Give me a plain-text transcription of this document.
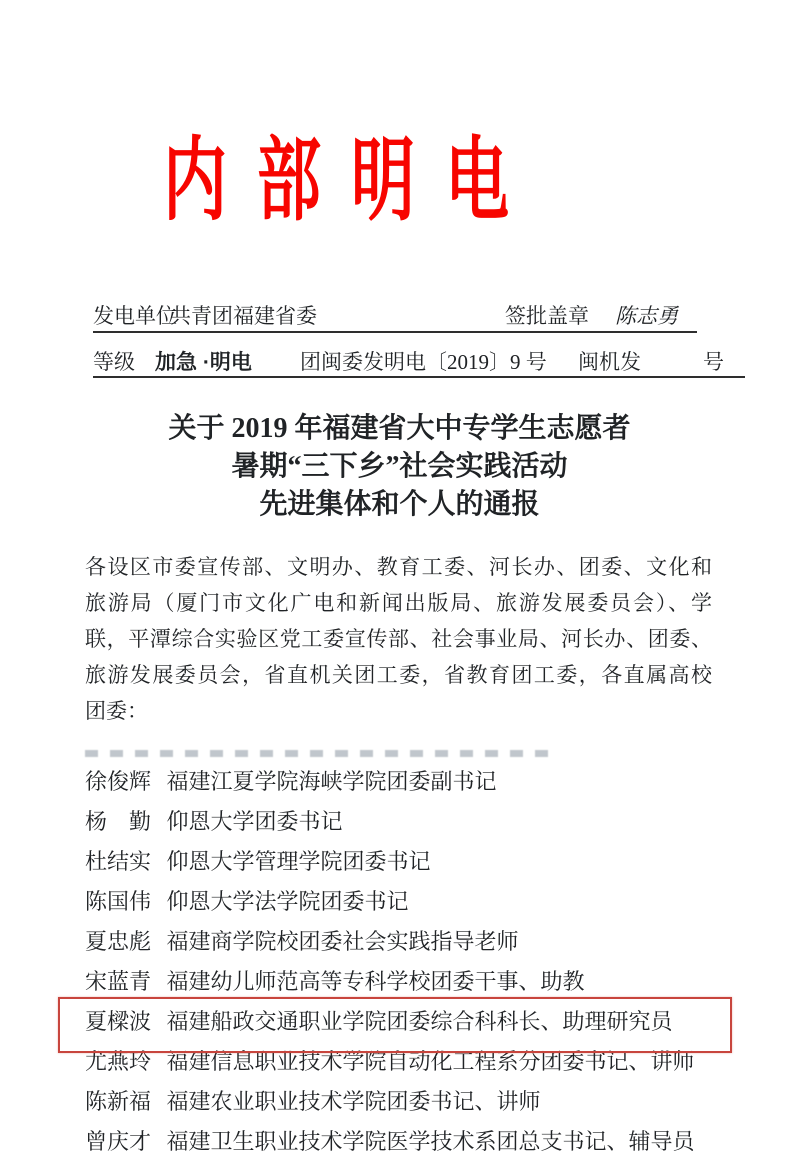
内部明电
发电单位
共青团福建省委	签批盖章 陈志勇
等级 加急 ·明电 团闽委发明电〔2019〕9 号 闽机发	号
关于 2019 年福建省大中专学生志愿者
暑期“三下乡”社会实践活动
先进集体和个人的通报
各设区市委宣传部、文明办、教育工委、河长办、团委、文化和
旅游局（厦门市文化广电和新闻出版局、旅游发展委员会）、学
联，平潭综合实验区党工委宣传部、社会事业局、河长办、团委、
旅游发展委员会，省直机关团工委，省教育团工委，各直属高校
团委：
徐俊辉 福建江夏学院海峡学院团委副书记
杨　勤 仰恩大学团委书记
杜结实 仰恩大学管理学院团委书记
陈国伟 仰恩大学法学院团委书记
夏忠彪 福建商学院校团委社会实践指导老师
宋蓝青 福建幼儿师范高等专科学校团委干事、助教
夏樑波 福建船政交通职业学院团委综合科科长、助理研究员
尤燕玲 福建信息职业技术学院自动化工程系分团委书记、讲师
陈新福 福建农业职业技术学院团委书记、讲师
曾庆才 福建卫生职业技术学院医学技术系团总支书记、辅导员
